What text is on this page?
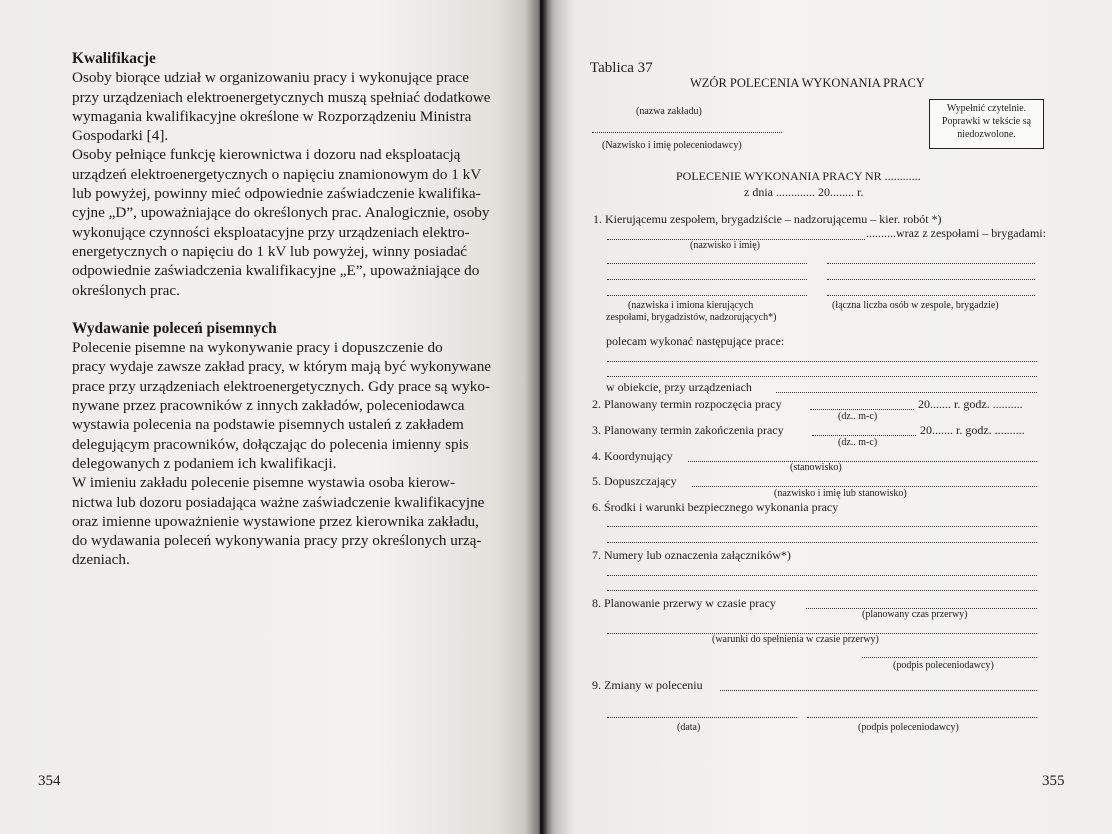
Kwalifikacje

Osoby biorące udział w organizowaniu pracy i wykonujące prace

przy urządzeniach elektroenergetycznych muszą spełniać dodatkowe

wymagania kwalifikacyjne określone w Rozporządzeniu Ministra

Gospodarki [4].

Osoby pełniące funkcję kierownictwa i dozoru nad eksploatacją

urządzeń elektroenergetycznych o napięciu znamionowym do 1 kV

lub powyżej, powinny mieć odpowiednie zaświadczenie kwalifika-

cyjne „D”, upoważniające do określonych prac. Analogicznie, osoby

wykonujące czynności eksploatacyjne przy urządzeniach elektro-

energetycznych o napięciu do 1 kV lub powyżej, winny posiadać

odpowiednie zaświadczenia kwalifikacyjne „E”, upoważniające do

określonych prac.

Wydawanie poleceń pisemnych

Polecenie pisemne na wykonywanie pracy i dopuszczenie do

pracy wydaje zawsze zakład pracy, w którym mają być wykonywane

prace przy urządzeniach elektroenergetycznych. Gdy prace są wyko-

nywane przez pracowników z innych zakładów, poleceniodawca

wystawia polecenia na podstawie pisemnych ustaleń z zakładem

delegującym pracowników, dołączając do polecenia imienny spis

delegowanych z podaniem ich kwalifikacji.

W imieniu zakładu polecenie pisemne wystawia osoba kierow-

nictwa lub dozoru posiadająca ważne zaświadczenie kwalifikacyjne

oraz imienne upoważnienie wystawione przez kierownika zakładu,

do wydawania poleceń wykonywania pracy przy określonych urzą-

dzeniach.

354
Tablica 37
WZÓR POLECENIA WYKONANIA PRACY
(nazwa zakładu)
(Nazwisko i imię poleceniodawcy)
Wypełnić czytelnie.
Poprawki w tekście są
niedozwolone.
POLECENIE WYKONANIA PRACY NR ............
z dnia ............. 20........ r.
1. Kierującemu zespołem, brygadziście – nadzorującemu – kier. robót *)
..........wraz z zespołami – brygadami:
(nazwisko i imię)
(nazwiska i imiona kierujących
zespołami, brygadzistów, nadzorujących*)
(łączna liczba osób w zespole, brygadzie)
polecam wykonać następujące prace:
w obiekcie, przy urządzeniach
2. Planowany termin rozpoczęcia pracy	20....... r. godz. ..........
(dz.. m-c)
3. Planowany termin zakończenia pracy	20....... r. godz. ..........
(dz.. m-c)
4. Koordynujący
(stanowisko)
5. Dopuszczający
(nazwisko i imię lub stanowisko)
6. Środki i warunki bezpiecznego wykonania pracy
7. Numery lub oznaczenia załączników*)
8. Planowanie przerwy w czasie pracy
(planowany czas przerwy)
(warunki do spełnienia w czasie przerwy)
(podpis poleceniodawcy)
9. Zmiany w poleceniu
(data)	(podpis poleceniodawcy)
355
